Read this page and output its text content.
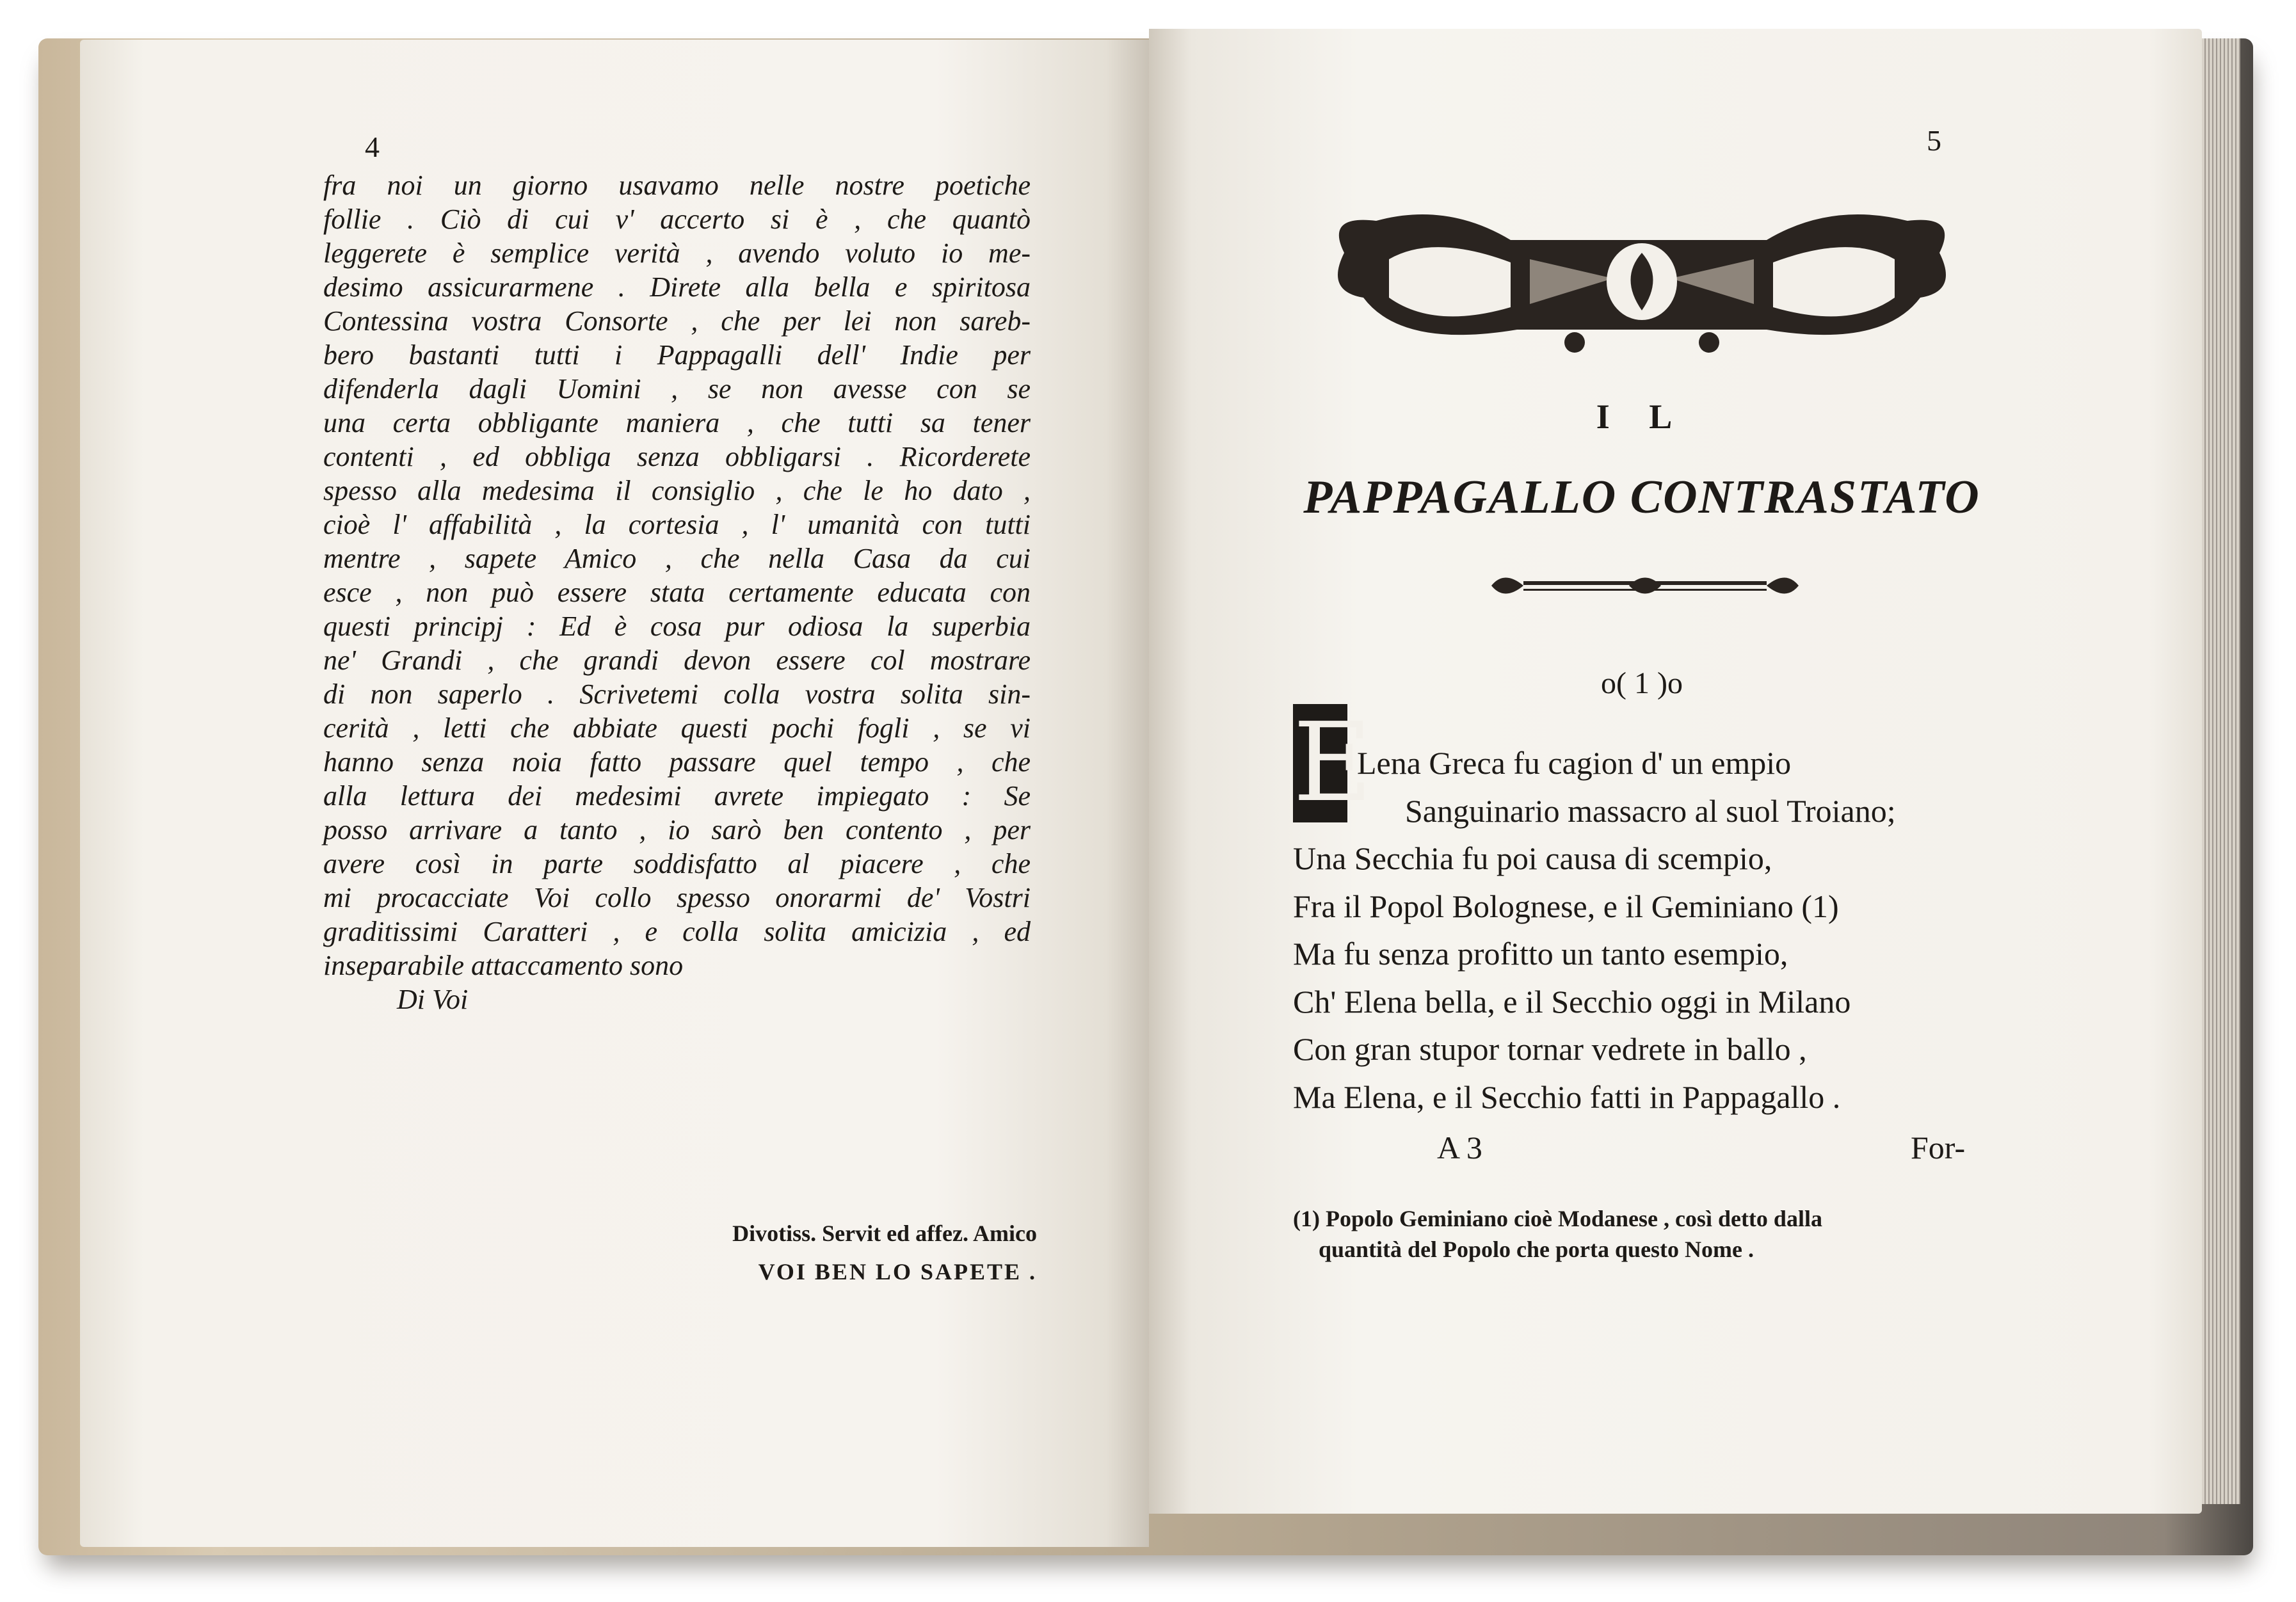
4
fra noi un giorno usavamo nelle nostre poetiche
follie . Ciò di cui v' accerto si è , che quantò
leggerete è semplice verità , avendo voluto io me-
desimo assicurarmene . Direte alla bella e spiritosa
Contessina vostra Consorte , che per lei non sareb-
bero bastanti tutti i Pappagalli dell' Indie per
difenderla dagli Uomini , se non avesse con se
una certa obbligante maniera , che tutti sa tener
contenti , ed obbliga senza obbligarsi . Ricorderete
spesso alla medesima il consiglio , che le ho dato ,
cioè l' affabilità , la cortesia , l' umanità con tutti
mentre , sapete Amico , che nella Casa da cui
esce , non può essere stata certamente educata con
questi principj : Ed è cosa pur odiosa la superbia
ne' Grandi , che grandi devon essere col mostrare
di non saperlo . Scrivetemi colla vostra solita sin-
cerità , letti che abbiate questi pochi fogli , se vi
hanno senza noia fatto passare quel tempo , che
alla lettura dei medesimi avrete impiegato : Se
posso arrivare a tanto , io sarò ben contento , per
avere così in parte soddisfatto al piacere , che
mi procacciate Voi collo spesso onorarmi de' Vostri
graditissimi Caratteri , e colla solita amicizia , ed
inseparabile attaccamento sono
Di Voi
Divotiss. Servit ed affez. Amico
VOI BEN LO SAPETE .
5
I L
PAPPAGALLO CONTRASTATO
o( 1 )o
E
Lena Greca fu cagion d' un empio
Sanguinario massacro al suol Troiano;
Una Secchia fu poi causa di scempio,
Fra il Popol Bolognese, e il Geminiano (1)
Ma fu senza profitto un tanto esempio,
Ch' Elena bella, e il Secchio oggi in Milano
Con gran stupor tornar vedrete in ballo ,
Ma Elena, e il Secchio fatti in Pappagallo .
A 3	For-
(1) Popolo Geminiano cioè Modanese , così detto dalla
quantità del Popolo che porta questo Nome .
